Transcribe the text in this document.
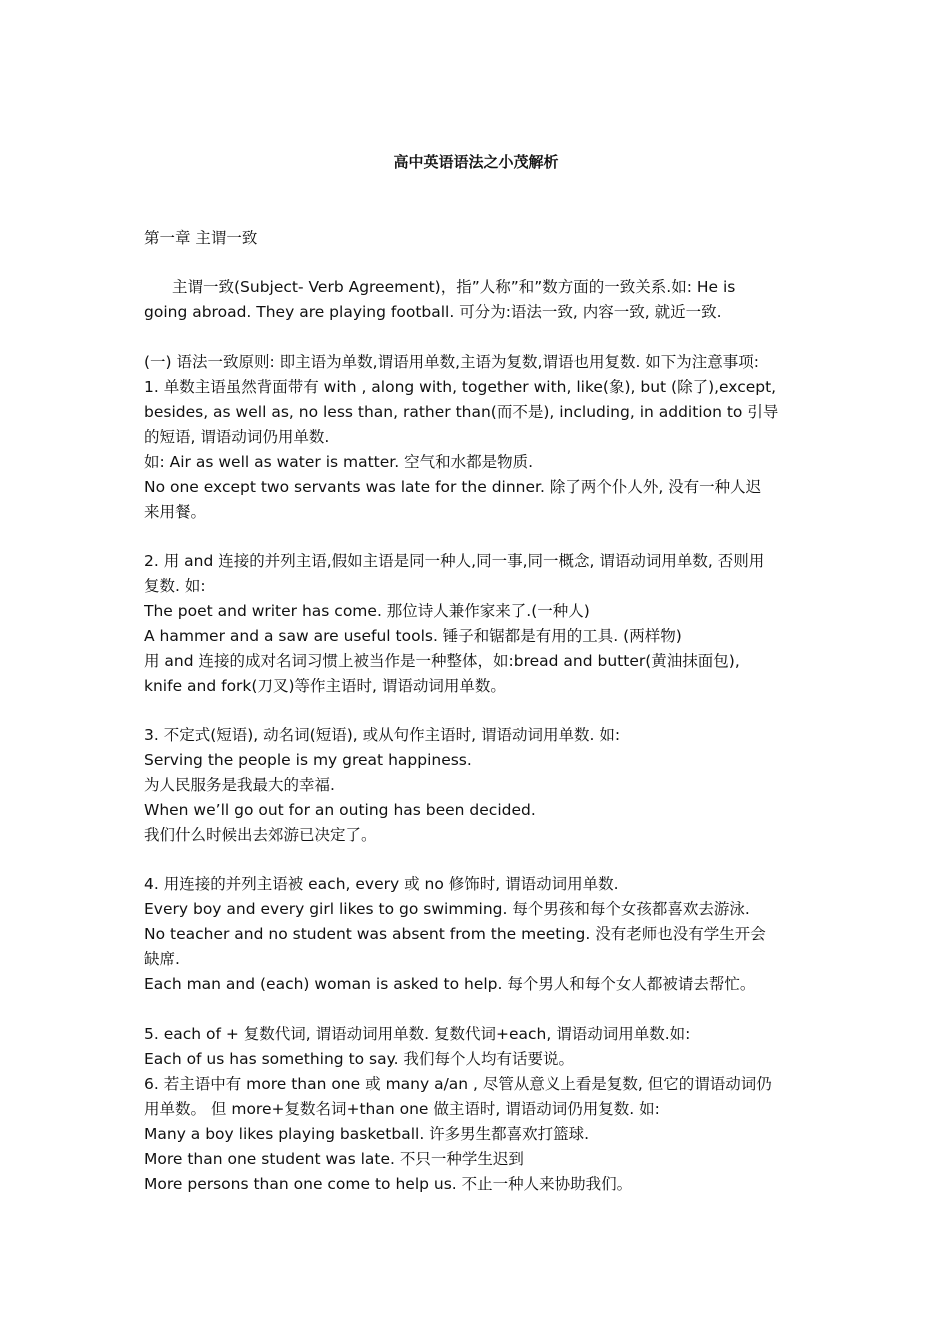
高中英语语法之小茂解析
第一章 主谓一致
主谓一致(Subject- Verb Agreement)，指”人称”和”数方面的一致关系.如: He is
going abroad. They are playing football. 可分为:语法一致, 内容一致, 就近一致.
(一) 语法一致原则: 即主语为单数,谓语用单数,主语为复数,谓语也用复数. 如下为注意事项:
1. 单数主语虽然背面带有 with , along with, together with, like(象), but (除了),except,
besides, as well as, no less than, rather than(而不是), including, in addition to 引导
的短语, 谓语动词仍用单数.
如: Air as well as water is matter. 空气和水都是物质.
No one except two servants was late for the dinner. 除了两个仆人外, 没有一种人迟
来用餐。
2. 用 and 连接的并列主语,假如主语是同一种人,同一事,同一概念, 谓语动词用单数, 否则用
复数. 如:
The poet and writer has come. 那位诗人兼作家来了.(一种人)
A hammer and a saw are useful tools. 锤子和锯都是有用的工具. (两样物)
用 and 连接的成对名词习惯上被当作是一种整体，如:bread and butter(黄油抹面包),
knife and fork(刀叉)等作主语时, 谓语动词用单数。
3. 不定式(短语), 动名词(短语), 或从句作主语时, 谓语动词用单数. 如:
Serving the people is my great happiness.
为人民服务是我最大的幸福.
When we’ll go out for an outing has been decided.
我们什么时候出去郊游已决定了。
4. 用连接的并列主语被 each, every 或 no 修饰时, 谓语动词用单数.
Every boy and every girl likes to go swimming. 每个男孩和每个女孩都喜欢去游泳.
No teacher and no student was absent from the meeting. 没有老师也没有学生开会
缺席.
Each man and (each) woman is asked to help. 每个男人和每个女人都被请去帮忙。
5. each of + 复数代词, 谓语动词用单数. 复数代词+each, 谓语动词用单数.如:
Each of us has something to say. 我们每个人均有话要说。
6. 若主语中有 more than one 或 many a/an , 尽管从意义上看是复数, 但它的谓语动词仍
用单数。 但 more+复数名词+than one 做主语时, 谓语动词仍用复数. 如:
Many a boy likes playing basketball. 许多男生都喜欢打篮球.
More than one student was late. 不只一种学生迟到
More persons than one come to help us. 不止一种人来协助我们。
